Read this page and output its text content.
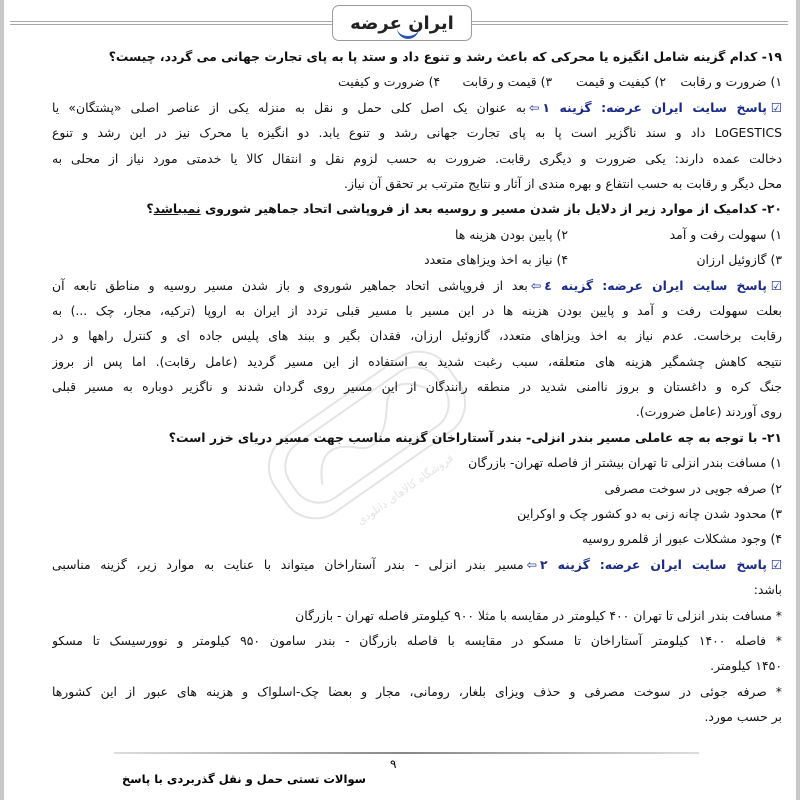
ایران عرضه
فروشگاه کالاهای دانلودی
۱۹- کدام گزینه شامل انگیزه یا محرکی که باعث رشد و تنوع داد و ستد پا به پای تجارت جهانی می گردد، چیست؟
۱) ضرورت و رقابت ۲) کیفیت و قیمت ۳) قیمت و رقابت ۴) ضرورت و کیفیت
☑پاسخ سایت ایران عرضه: گزینه ۱⇦به عنوان یک اصل کلی حمل و نقل به منزله یکی از عناصر اصلی «پشتگان» یا
LoGESTICS داد و سند ناگزیر است پا به پای تجارت جهانی رشد و تنوع یابد. دو انگیزه یا محرک نیز در این رشد و تنوع
دخالت عمده دارند: یکی ضرورت و دیگری رقابت. ضرورت به حسب لزوم نقل و انتقال کالا یا خدمتی مورد نیاز از محلی به
محل دیگر و رقابت به حسب انتفاع و بهره مندی از آثار و نتایج مترتب بر تحقق آن نیاز.
۲۰- کدامیک از موارد زیر از دلایل باز شدن مسیر و روسیه بعد از فروپاشی اتحاد جماهیر شوروی نمیباشد؟
۱) سهولت رفت و آمد ۲) پایین بودن هزینه ها
۳) گازوئیل ارزان ۴) نیاز به اخذ ویزاهای متعدد
☑پاسخ سایت ایران عرضه: گزینه ٤⇦بعد از فروپاشی اتحاد جماهیر شوروی و باز شدن مسیر روسیه و مناطق تابعه آن
بعلت سهولت رفت و آمد و پایین بودن هزینه ها در این مسیر با مسیر قبلی تردد از ایران به اروپا (ترکیه، مجار، چک ...) به
رقابت برخاست. عدم نیاز به اخذ ویزاهای متعدد، گازوئیل ارزان، فقدان بگیر و ببند های پلیس جاده ای و کنترل راهها و در
نتیجه کاهش چشمگیر هزینه های متعلقه، سبب رغبت شدید به استفاده از این مسیر گردید (عامل رقابت). اما پس از بروز
جنگ کره و داغستان و بروز ناامنی شدید در منطقه رانندگان از این مسیر روی گردان شدند و ناگزیر دوباره به مسیر قبلی
روی آوردند (عامل ضرورت).
۲۱- با توجه به چه عاملی مسیر بندر انزلی- بندر آستاراخان گزینه مناسب جهت مسیر دریای خزر است؟
۱) مسافت بندر انزلی تا تهران بیشتر از فاصله تهران- بازرگان
۲) صرفه جویی در سوخت مصرفی
۳) محدود شدن چانه زنی به دو کشور چک و اوکراین
۴) وجود مشکلات عبور از قلمرو روسیه
☑پاسخ سایت ایران عرضه: گزینه ۲⇦مسیر بندر انزلی - بندر آستاراخان میتواند با عنایت به موارد زیر، گزینه مناسبی
باشد:
* مسافت بندر انزلی تا تهران ۴۰۰ کیلومتر در مقایسه با مثلا ۹۰۰ کیلومتر فاصله تهران - بازرگان
* فاصله ۱۴۰۰ کیلومتر آستاراخان تا مسکو در مقایسه با فاصله بازرگان - بندر سامون ۹۵۰ کیلومتر و نوورسیسک تا مسکو
۱۴۵۰ کیلومتر.
* صرفه جوئی در سوخت مصرفی و حذف ویزای بلغار، رومانی، مجار و بعضا چک-اسلواک و هزینه های عبور از این کشورها
بر حسب مورد.
۹
سوالات تستی حمل و نقل گذربردی با پاسخ
